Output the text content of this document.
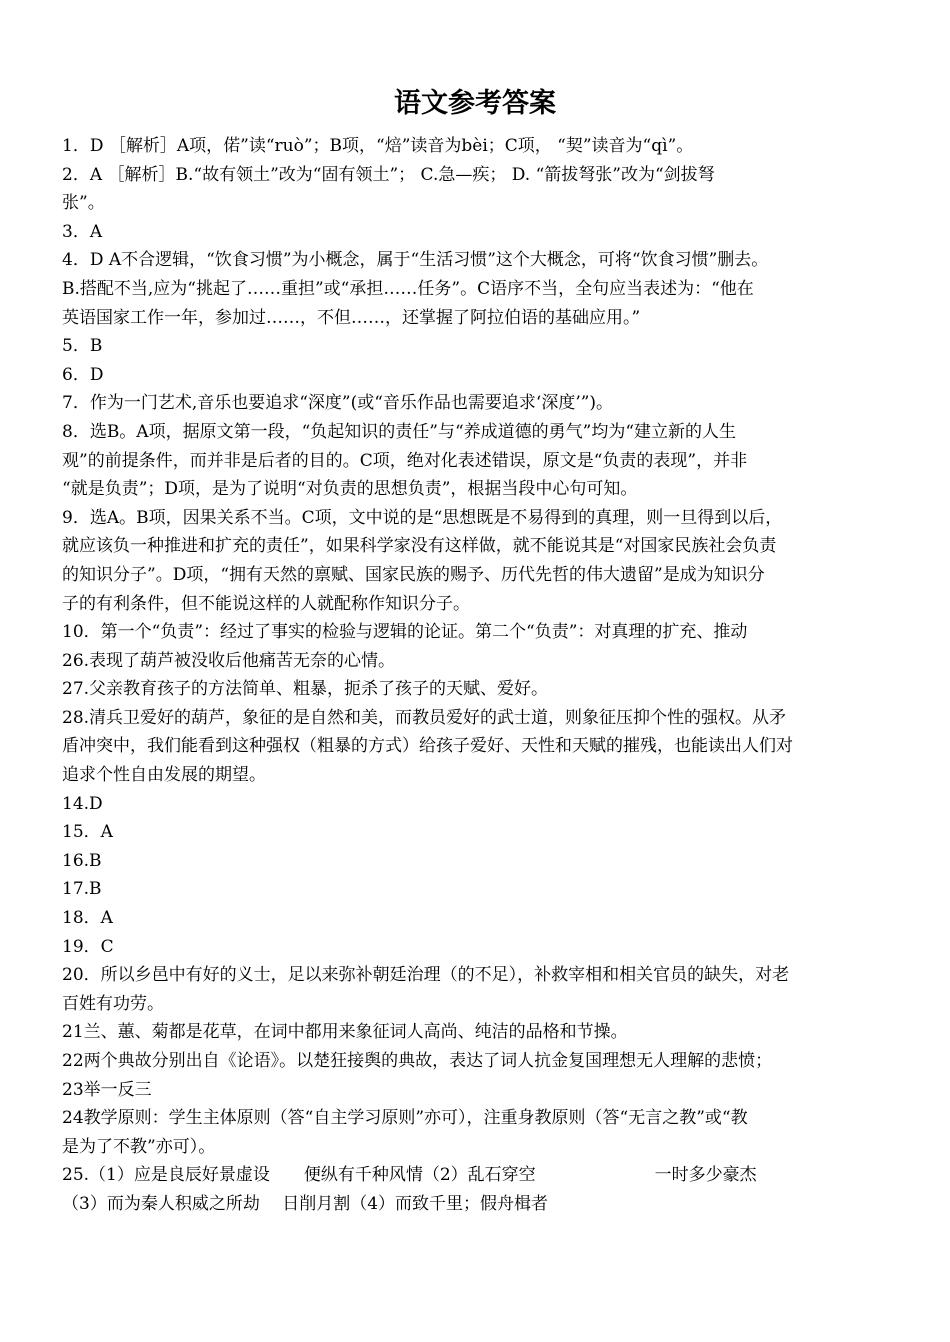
语文参考答案
1．D ［解析］A项，偌”读“ruò”；B项，“焙”读音为bèi；C项， “契”读音为“qì”。
2．A ［解析］B.“故有领土”改为“固有领土”； C.急—疾； D. “箭拔弩张”改为“剑拔弩
张”。
3．A
4．D A不合逻辑，“饮食习惯”为小概念，属于“生活习惯”这个大概念，可将“饮食习惯”删去。
B.搭配不当,应为“挑起了……重担”或“承担……任务”。C语序不当，全句应当表述为：“他在
英语国家工作一年，参加过……，不但……，还掌握了阿拉伯语的基础应用。”
5．B
6．D
7．作为一门艺术,音乐也要追求“深度”(或“音乐作品也需要追求‘深度’”)。
8．选B。A项，据原文第一段，“负起知识的责任”与“养成道德的勇气”均为“建立新的人生
观”的前提条件，而并非是后者的目的。C项，绝对化表述错误，原文是“负责的表现”，并非
“就是负责”；D项，是为了说明“对负责的思想负责”，根据当段中心句可知。
9．选A。B项，因果关系不当。C项，文中说的是“思想既是不易得到的真理，则一旦得到以后，
就应该负一种推进和扩充的责任”，如果科学家没有这样做，就不能说其是“对国家民族社会负责
的知识分子”。D项，“拥有天然的禀赋、国家民族的赐予、历代先哲的伟大遗留”是成为知识分
子的有利条件，但不能说这样的人就配称作知识分子。
10．第一个“负责”：经过了事实的检验与逻辑的论证。第二个“负责”：对真理的扩充、推动
26.表现了葫芦被没收后他痛苦无奈的心情。
27.父亲教育孩子的方法简单、粗暴，扼杀了孩子的天赋、爱好。
28.清兵卫爱好的葫芦，象征的是自然和美，而教员爱好的武士道，则象征压抑个性的强权。从矛
盾冲突中，我们能看到这种强权（粗暴的方式）给孩子爱好、天性和天赋的摧残，也能读出人们对
追求个性自由发展的期望。
14.D
15．A
16.B
17.B
18．A
19．C
20．所以乡邑中有好的义士，足以来弥补朝廷治理（的不足），补救宰相和相关官员的缺失，对老
百姓有功劳。
21兰、蕙、菊都是花草，在词中都用来象征词人高尚、纯洁的品格和节操。
22两个典故分别出自《论语》。以楚狂接舆的典故，表达了词人抗金复国理想无人理解的悲愤；
23举一反三
24教学原则：学生主体原则（答“自主学习原则”亦可），注重身教原则（答“无言之教”或“教
是为了不教”亦可）。
25.（1）应是良辰好景虚设　　便纵有千种风情（2）乱石穿空　　　　　　　一时多少豪杰
（3）而为秦人积威之所劫　 日削月割（4）而致千里；假舟楫者
